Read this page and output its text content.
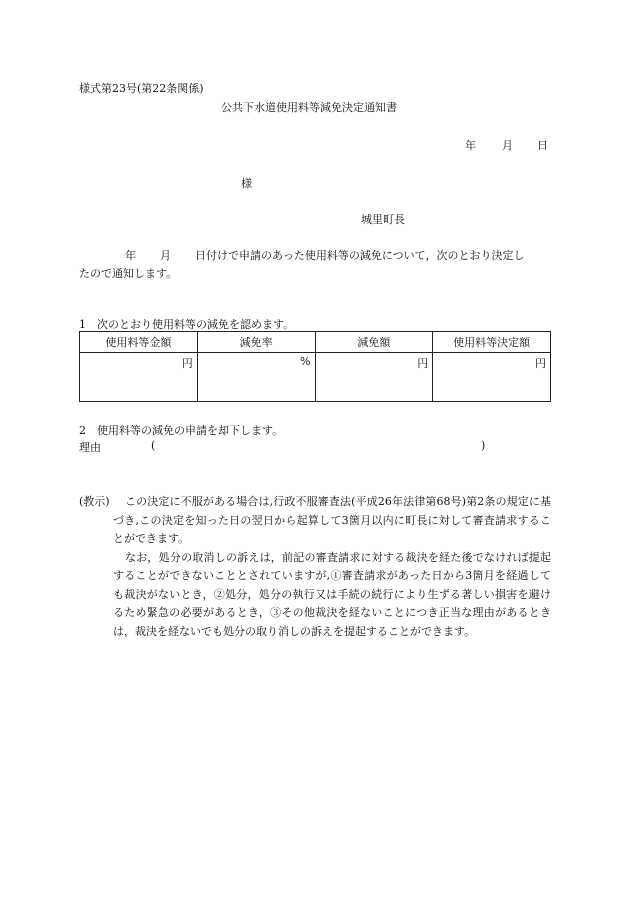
様式第23号(第22条関係)
公共下水道使用料等減免決定通知書
年 月 日
様
城里町長
年 月 日付けで申請のあった使用料等の減免について，次のとおり決定し
たので通知します。
1　次のとおり使用料等の減免を認めます。
使用料等金額	減免率	減免額	使用料等決定額
円	%	円	円
2　使用料等の減免の申請を却下します。
理由	(	)
(教示)	この決定に不服がある場合は,行政不服審査法(平成26年法律第68号)第2条の規定に基づき,この決定を知った日の翌日から起算して3箇月以内に町長に対して審査請求することができます。

なお，処分の取消しの訴えは，前記の審査請求に対する裁決を経た後でなければ提起することができないこととされていますが,①審査請求があった日から3箇月を経過しても裁決がないとき，②処分，処分の執行又は手続の続行により生ずる著しい損害を避けるため緊急の必要があるとき，③その他裁決を経ないことにつき正当な理由があるときは，裁決を経ないでも処分の取り消しの訴えを提起することができます。
